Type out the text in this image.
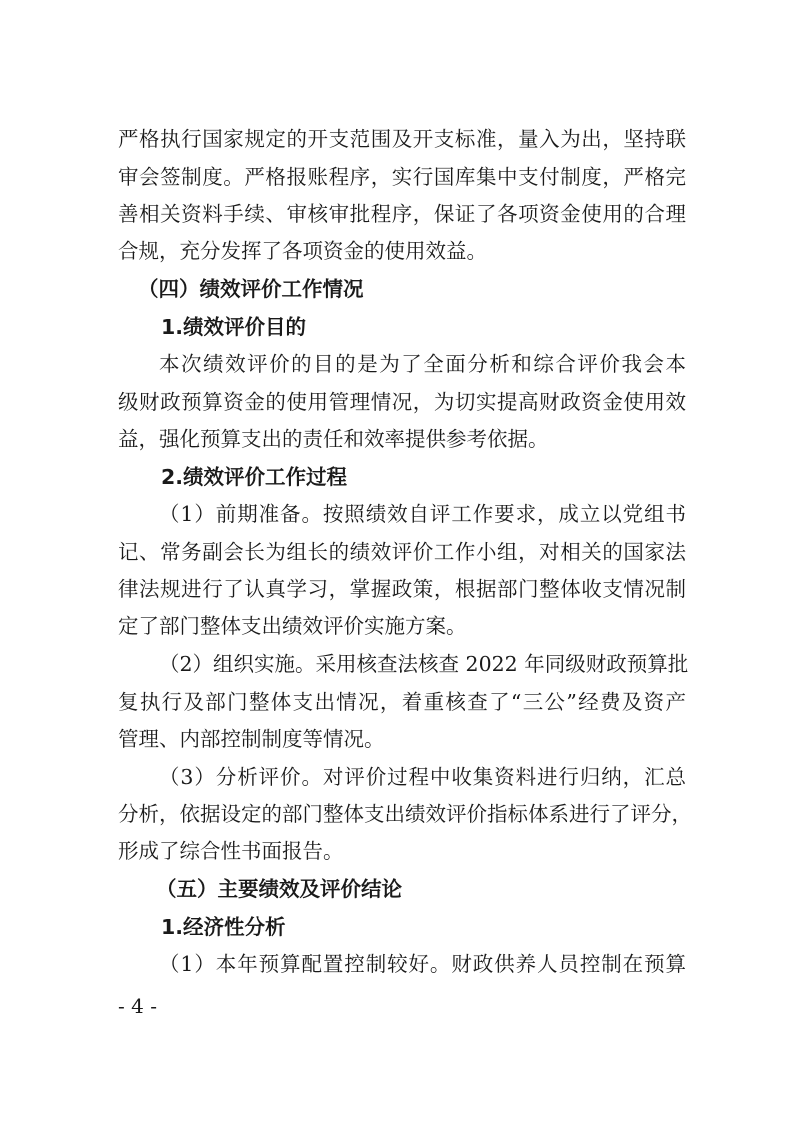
严格执行国家规定的开支范围及开支标准，量入为出，坚持联
审会签制度。严格报账程序，实行国库集中支付制度，严格完
善相关资料手续、审核审批程序，保证了各项资金使用的合理
合规，充分发挥了各项资金的使用效益。
（四）绩效评价工作情况
1.绩效评价目的
本次绩效评价的目的是为了全面分析和综合评价我会本
级财政预算资金的使用管理情况，为切实提高财政资金使用效
益，强化预算支出的责任和效率提供参考依据。
2.绩效评价工作过程
（1）前期准备。按照绩效自评工作要求，成立以党组书
记、常务副会长为组长的绩效评价工作小组，对相关的国家法
律法规进行了认真学习，掌握政策，根据部门整体收支情况制
定了部门整体支出绩效评价实施方案。
（2）组织实施。采用核查法核查 2022 年同级财政预算批
复执行及部门整体支出情况，着重核查了“三公”经费及资产
管理、内部控制制度等情况。
（3）分析评价。对评价过程中收集资料进行归纳，汇总
分析，依据设定的部门整体支出绩效评价指标体系进行了评分，
形成了综合性书面报告。
（五）主要绩效及评价结论
1.经济性分析
（1）本年预算配置控制较好。财政供养人员控制在预算
- 4 -
